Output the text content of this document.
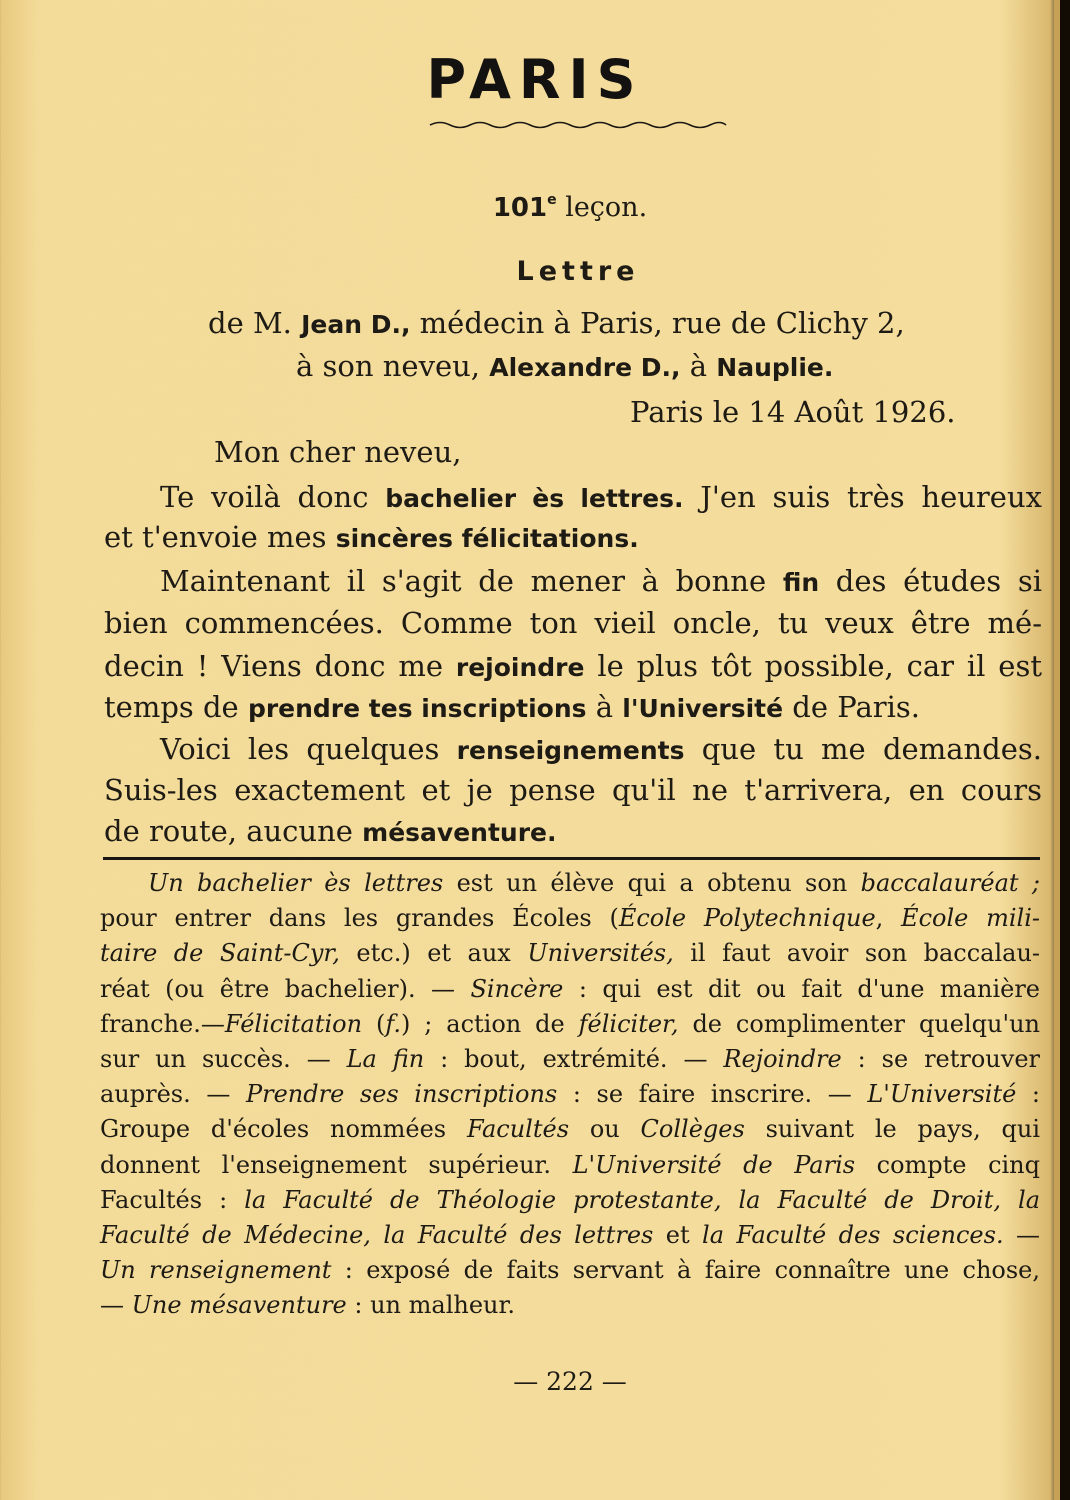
PARIS
101e leçon.
Lettre
de M. Jean D., médecin à Paris, rue de Clichy 2,
à son neveu, Alexandre D., à Nauplie.
Paris le 14 Août 1926.
Mon cher neveu,
Te voilà donc bachelier ès lettres. J'en suis très heureux
et t'envoie mes sincères félicitations.
Maintenant il s'agit de mener à bonne fin des études si
bien commencées. Comme ton vieil oncle, tu veux être mé-
decin ! Viens donc me rejoindre le plus tôt possible, car il est
temps de prendre tes inscriptions à l'Université de Paris.
Voici les quelques renseignements que tu me demandes.
Suis-les exactement et je pense qu'il ne t'arrivera, en cours
de route, aucune mésaventure.
Un bachelier ès lettres est un élève qui a obtenu son baccalauréat ;
pour entrer dans les grandes Écoles (École Polytechnique, École mili-
taire de Saint-Cyr, etc.) et aux Universités, il faut avoir son baccalau-
réat (ou être bachelier). — Sincère : qui est dit ou fait d'une manière
franche.—Félicitation (f.) ; action de féliciter, de complimenter quelqu'un
sur un succès. — La fin : bout, extrémité. — Rejoindre : se retrouver
auprès. — Prendre ses inscriptions : se faire inscrire. — L'Université :
Groupe d'écoles nommées Facultés ou Collèges suivant le pays, qui
donnent l'enseignement supérieur. L'Université de Paris compte cinq
Facultés : la Faculté de Théologie protestante, la Faculté de Droit, la
Faculté de Médecine, la Faculté des lettres et la Faculté des sciences. —
Un renseignement : exposé de faits servant à faire connaître une chose,
— Une mésaventure : un malheur.
— 222 —
